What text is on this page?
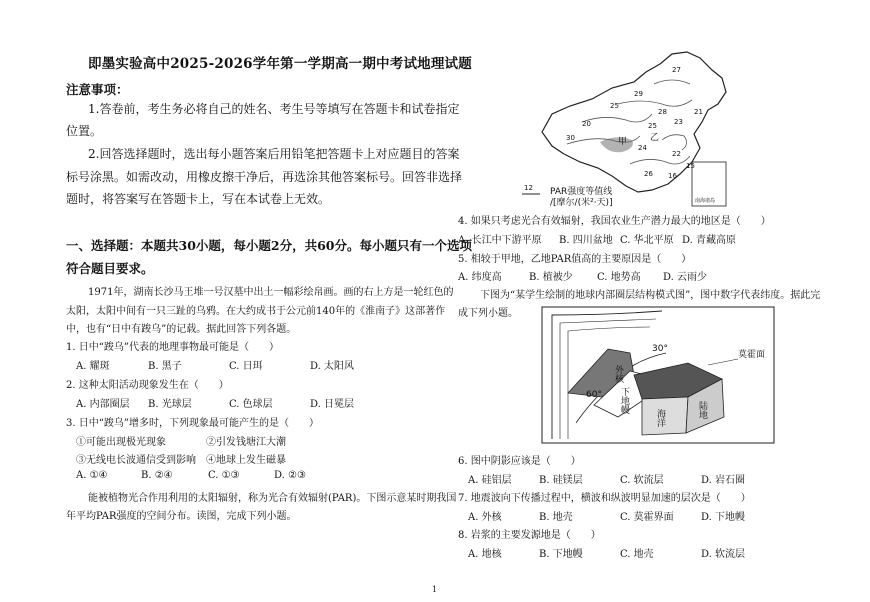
即墨实验高中2025-2026学年第一学期高一期中考试地理试题
注意事项：
1.答卷前，考生务必将自己的姓名、考生号等填写在答题卡和试卷指定
位置。
2.回答选择题时，选出每小题答案后用铅笔把答题卡上对应题目的答案
标号涂黑。如需改动，用橡皮擦干净后，再选涂其他答案标号。回答非选择
题时，将答案写在答题卡上，写在本试卷上无效。
一、选择题：本题共30小题，每小题2分，共60分。每小题只有一个选项
符合题目要求。
1971年，湖南长沙马王堆一号汉墓中出土一幅彩绘帛画。画的右上方是一轮红色的
太阳，太阳中间有一只三趾的乌鸦。在大约成书于公元前140年的《淮南子》这部著作
中，也有“日中有踆乌”的记载。据此回答下列各题。
1. 日中“踆乌”代表的地理事物最可能是（　　）
A. 耀斑	B. 黑子	C. 日珥	D. 太阳风
2. 这种太阳活动现象发生在（　　）
A. 内部圈层 B. 光球层	C. 色球层	D. 日冕层
3. 日中“踆乌”增多时，下列现象最可能产生的是（　　）
①可能出现极光现象	②引发钱塘江大潮
③无线电长波通信受到影响 ④地球上发生磁暴
A. ①④	B. ②④	C. ①③	D. ②③
能被植物光合作用利用的太阳辐射，称为光合有效辐射(PAR)。下图示意某时期我国
年平均PAR强度的空间分布。读图，完成下列小题。
20
25
29
27
28
25
24
23
21
30
22
甲	乙
26 16
15
南海诸岛
12 PAR强度等值线
/[摩尔/(米²·天)]
4. 如果只考虑光合有效辐射，我国农业生产潜力最大的地区是（　　）
A. 长江中下游平原 B. 四川盆地 C. 华北平原 D. 青藏高原
5. 相较于甲地，乙地PAR值高的主要原因是（　　）
A. 纬度高	B. 植被少 C. 地势高 D. 云雨少
下图为“某学生绘制的地球内部圈层结构模式图”，图中数字代表纬度。据此完
成下列小题。
30°
60°
莫霍面
外核
下地幔
海洋	陆地
6. 图中阴影应该是（　　）
A. 硅铝层	B. 硅镁层	C. 软流层	D. 岩石圈
7. 地震波向下传播过程中，横波和纵波明显加速的层次是（　　）
A. 外核	B. 地壳	C. 莫霍界面	D. 下地幔
8. 岩浆的主要发源地是（　　）
A. 地核	B. 下地幔	C. 地壳	D. 软流层
1
